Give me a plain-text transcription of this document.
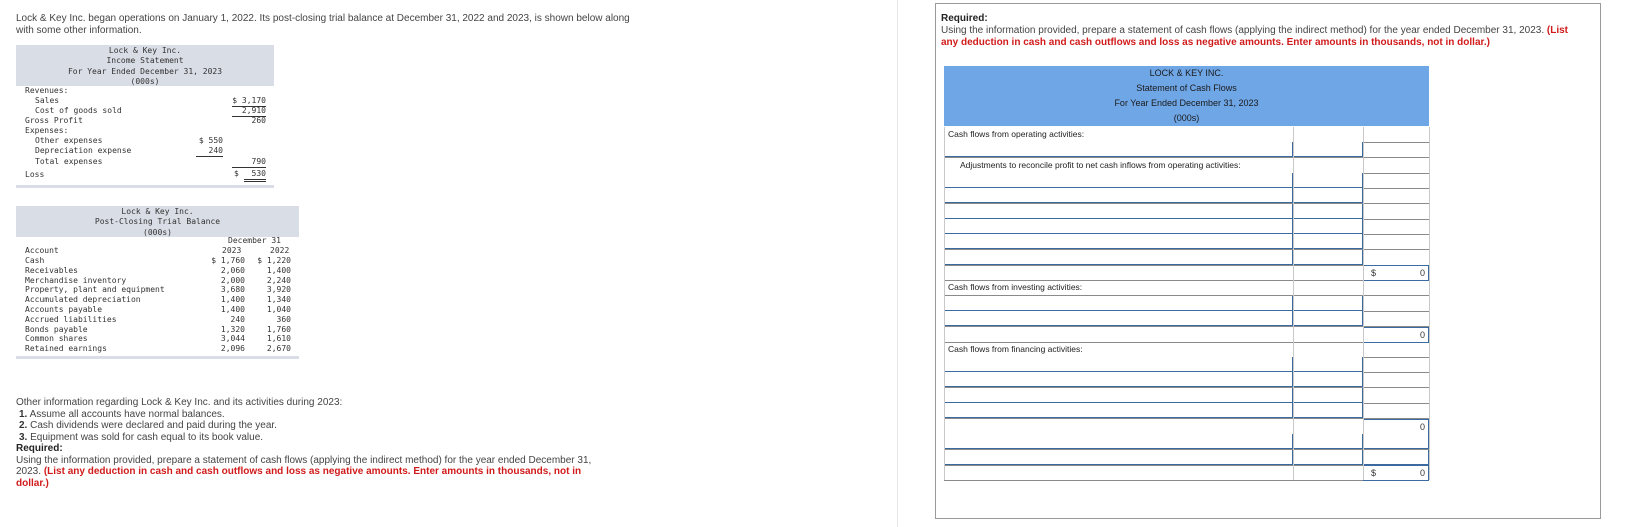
Lock & Key Inc. began operations on January 1, 2022. Its post-closing trial balance at December 31, 2022 and 2023, is shown below along with some other information.
Lock & Key Inc.
Income Statement
For Year Ended December 31, 2023
(000s)
Revenues:
Sales	$ 3,170
Cost of goods sold	2,910
Gross Profit	260
Expenses:
Other expenses	$ 550
Depreciation expense	240
Total expenses	790
Loss	$	530
Lock & Key Inc.
Post-Closing Trial Balance
(000s)
December 31
Account	2023	2022
Cash	$ 1,760	$ 1,220
Receivables	2,060	1,400
Merchandise inventory	2,000	2,240
Property, plant and equipment	3,680	3,920
Accumulated depreciation	1,400	1,340
Accounts payable	1,400	1,040
Accrued liabilities	240	360
Bonds payable	1,320	1,760
Common shares	3,044	1,610
Retained earnings	2,096	2,670
Other information regarding Lock & Key Inc. and its activities during 2023:
1. Assume all accounts have normal balances.
2. Cash dividends were declared and paid during the year.
3. Equipment was sold for cash equal to its book value.
Required:
Using the information provided, prepare a statement of cash flows (applying the indirect method) for the year ended December 31, 2023. (List any deduction in cash and cash outflows and loss as negative amounts. Enter amounts in thousands, not in dollar.)
Required:
Using the information provided, prepare a statement of cash flows (applying the indirect method) for the year ended December 31, 2023. (List any deduction in cash and cash outflows and loss as negative amounts. Enter amounts in thousands, not in dollar.)
LOCK & KEY INC.
Statement of Cash Flows
For Year Ended December 31, 2023
(000s)
Cash flows from operating activities:
Adjustments to reconcile profit to net cash inflows from operating activities:
$	0
Cash flows from investing activities:
0
Cash flows from financing activities:
0
$	0
